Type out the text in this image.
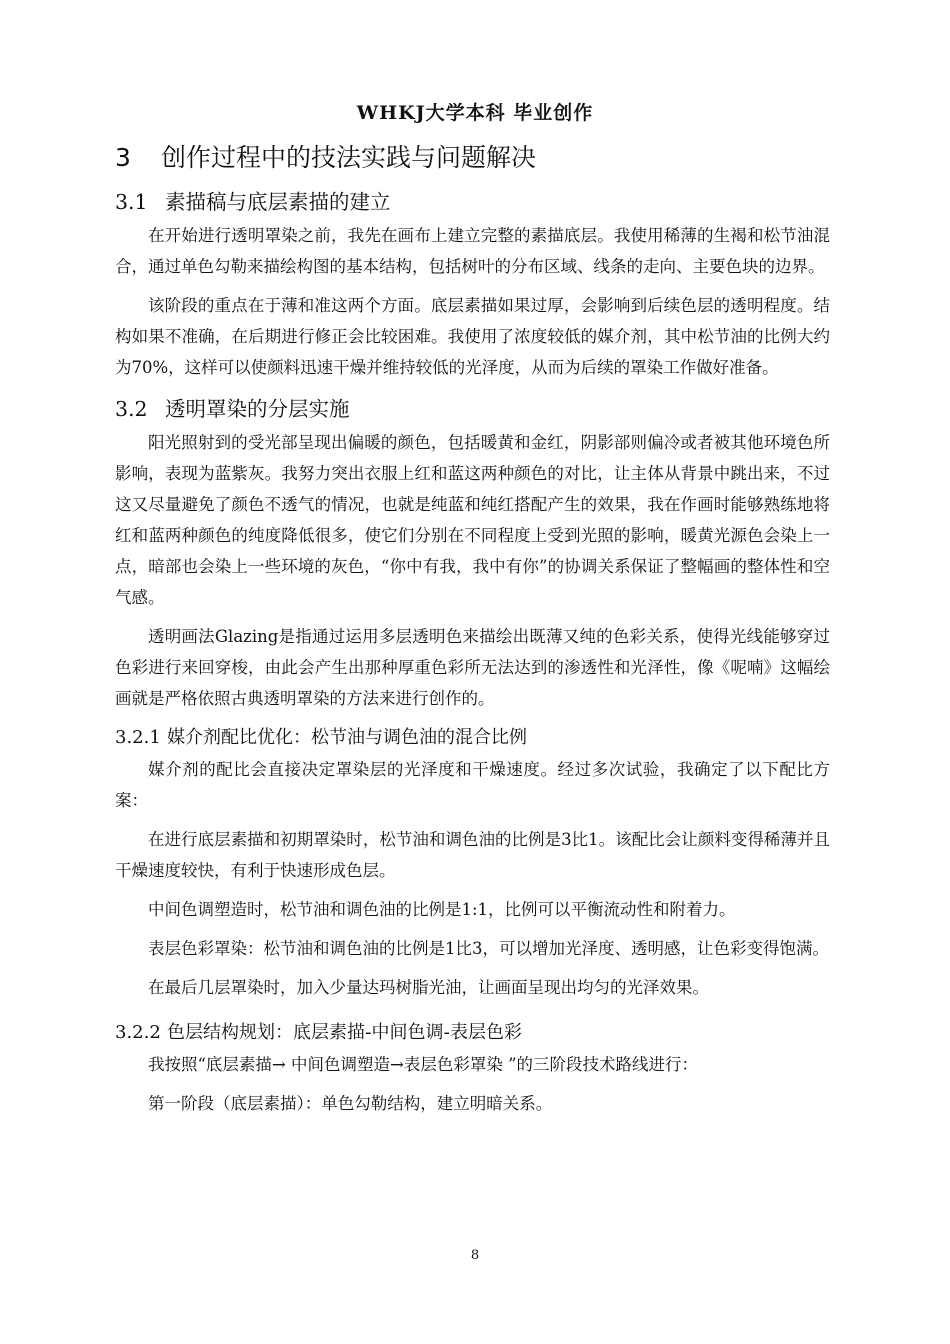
WHKJ大学本科 毕业创作
3 创作过程中的技法实践与问题解决
3.1 素描稿与底层素描的建立

在开始进行透明罩染之前，我先在画布上建立完整的素描底层。我使用稀薄的生褐和松节油混合，通过单色勾勒来描绘构图的基本结构，包括树叶的分布区域、线条的走向、主要色块的边界。

该阶段的重点在于薄和准这两个方面。底层素描如果过厚，会影响到后续色层的透明程度。结构如果不准确，在后期进行修正会比较困难。我使用了浓度较低的媒介剂，其中松节油的比例大约为70%，这样可以使颜料迅速干燥并维持较低的光泽度，从而为后续的罩染工作做好准备。

3.2 透明罩染的分层实施

阳光照射到的受光部呈现出偏暖的颜色，包括暖黄和金红，阴影部则偏冷或者被其他环境色所影响，表现为蓝紫灰。我努力突出衣服上红和蓝这两种颜色的对比，让主体从背景中跳出来，不过这又尽量避免了颜色不透气的情况，也就是纯蓝和纯红搭配产生的效果，我在作画时能够熟练地将红和蓝两种颜色的纯度降低很多，使它们分别在不同程度上受到光照的影响，暖黄光源色会染上一点，暗部也会染上一些环境的灰色，“你中有我，我中有你”的协调关系保证了整幅画的整体性和空气感。

透明画法Glazing是指通过运用多层透明色来描绘出既薄又纯的色彩关系，使得光线能够穿过色彩进行来回穿梭，由此会产生出那种厚重色彩所无法达到的渗透性和光泽性，像《呢喃》这幅绘画就是严格依照古典透明罩染的方法来进行创作的。

3.2.1 媒介剂配比优化：松节油与调色油的混合比例

媒介剂的配比会直接决定罩染层的光泽度和干燥速度。经过多次试验，我确定了以下配比方案：

在进行底层素描和初期罩染时，松节油和调色油的比例是3比1。该配比会让颜料变得稀薄并且干燥速度较快，有利于快速形成色层。

中间色调塑造时，松节油和调色油的比例是1:1，比例可以平衡流动性和附着力。

表层色彩罩染：松节油和调色油的比例是1比3，可以增加光泽度、透明感，让色彩变得饱满。

在最后几层罩染时，加入少量达玛树脂光油，让画面呈现出均匀的光泽效果。

3.2.2 色层结构规划：底层素描-中间色调-表层色彩

我按照“底层素描→ 中间色调塑造→表层色彩罩染 ”的三阶段技术路线进行：

第一阶段（底层素描）：单色勾勒结构，建立明暗关系。

8
